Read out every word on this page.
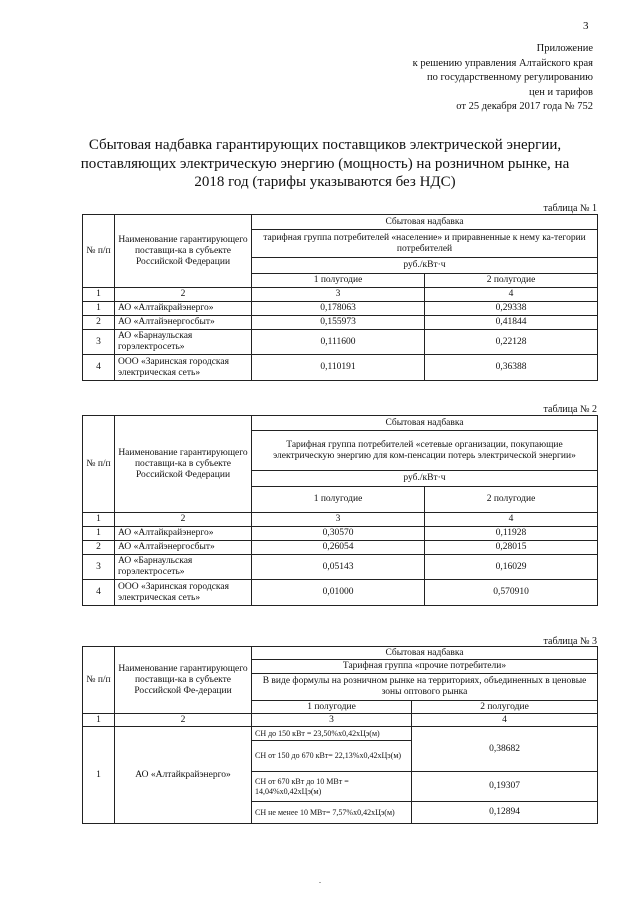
3
Приложение
к решению управления Алтайского края
по государственному регулированию
цен и тарифов
от 25 декабря 2017 года № 752
Сбытовая надбавка гарантирующих поставщиков электрической энергии,
поставляющих электрическую энергию (мощность) на розничном рынке, на
2018 год (тарифы указываются без НДС)
таблица № 1
№ п/п	Наименование гарантирующего поставщи-ка в субъекте Российской Федерации	Сбытовая надбавка	
		тарифная группа потребителей «население» и приравненные к нему ка-тегории потребителей	
		руб./кВт·ч	
		1 полугодие	2 полугодие
1	2	3	4
1	АО «Алтайкрайэнерго»	0,178063	0,29338
2	АО «Алтайэнергосбыт»	0,155973	0,41844
3	АО «Барнаульская горэлектросеть»	0,111600	0,22128
4	ООО «Заринская городская электрическая сеть»	0,110191	0,36388
таблица № 2
№ п/п	Наименование гарантирующего поставщи-ка в субъекте Российской Федерации	Сбытовая надбавка	
		Тарифная группа потребителей «сетевые организации, покупающие электрическую энергию для ком-пенсации потерь электрической энергии»	
		руб./кВт·ч	
		1 полугодие	2 полугодие
1	2	3	4
1	АО «Алтайкрайэнерго»	0,30570	0,11928
2	АО «Алтайэнергосбыт»	0,26054	0,28015
3	АО «Барнаульская горэлектросеть»	0,05143	0,16029
4	ООО «Заринская городская электрическая сеть»	0,01000	0,570910
таблица № 3
№ п/п	Наименование гарантирующего поставщи-ка в субъекте Российской Фе-дерации	Сбытовая надбавка	
		Тарифная группа «прочие потребители»	
		В виде формулы на розничном рынке на территориях, объединенных в ценовые зоны оптового рынка	
		1 полугодие	2 полугодие
1	2	3	4
1	АО «Алтайкрайэнерго»	СН до 150 кВт = 23,50%х0,42хЦэ(м)	0,38682
		СН от 150 до 670 кВт= 22,13%х0,42хЦэ(м)	
		СН от 670 кВт до 10 МВт = 14,04%х0,42хЦэ(м)	0,19307
		СН не менее 10 МВт= 7,57%х0,42хЦэ(м)	0,12894
.
